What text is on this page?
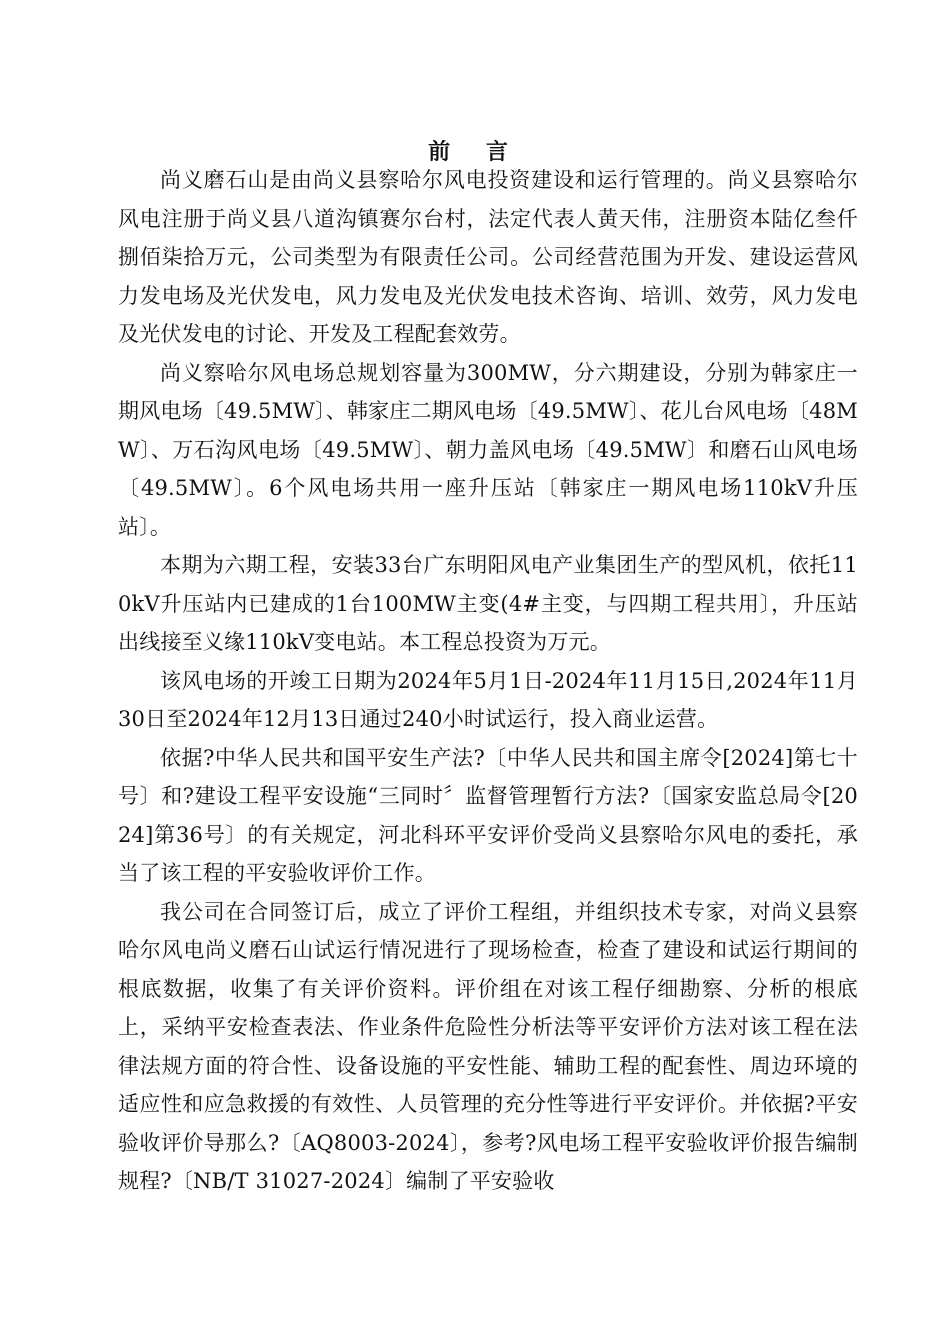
前 言

尚义磨石山是由尚义县察哈尔风电投资建设和运行管理的。尚义县察哈尔风电注册于尚义县八道沟镇赛尔台村，法定代表人黄天伟，注册资本陆亿叁仟捌佰柒拾万元，公司类型为有限责任公司。公司经营范围为开发、建设运营风力发电场及光伏发电，风力发电及光伏发电技术咨询、培训、效劳，风力发电及光伏发电的讨论、开发及工程配套效劳。

尚义察哈尔风电场总规划容量为300MW，分六期建设，分别为韩家庄一期风电场〔49.5MW〕、韩家庄二期风电场〔49.5MW〕、花儿台风电场〔48MW〕、万石沟风电场〔49.5MW〕、朝力盖风电场〔49.5MW〕和磨石山风电场〔49.5MW〕。6个风电场共用一座升压站〔韩家庄一期风电场110kV升压站〕。

本期为六期工程，安装33台广东明阳风电产业集团生产的型风机，依托110kV升压站内已建成的1台100MW主变(4#主变，与四期工程共用〕，升压站出线接至义缘110kV变电站。本工程总投资为万元。

该风电场的开竣工日期为2024年5月1日-2024年11月15日,2024年11月30日至2024年12月13日通过240小时试运行，投入商业运营。

依据?中华人民共和国平安生产法?〔中华人民共和国主席令[2024]第七十号〕和?建设工程平安设施“三同时〞监督管理暂行方法?〔国家安监总局令[2024]第36号〕的有关规定，河北科环平安评价受尚义县察哈尔风电的委托，承当了该工程的平安验收评价工作。

我公司在合同签订后，成立了评价工程组，并组织技术专家，对尚义县察哈尔风电尚义磨石山试运行情况进行了现场检查，检查了建设和试运行期间的根底数据，收集了有关评价资料。评价组在对该工程仔细勘察、分析的根底上，采纳平安检查表法、作业条件危险性分析法等平安评价方法对该工程在法律法规方面的符合性、设备设施的平安性能、辅助工程的配套性、周边环境的适应性和应急救援的有效性、人员管理的充分性等进行平安评价。并依据?平安验收评价导那么?〔AQ8003-2024〕，参考?风电场工程平安验收评价报告编制规程?〔NB/T 31027-2024〕编制了平安验收
